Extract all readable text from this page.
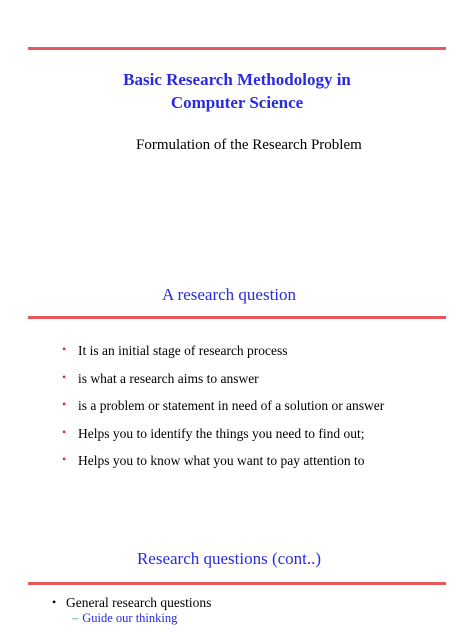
Basic Research Methodology in
Computer Science
Formulation of the Research Problem
A research question
• It is an initial stage of research process
• is what a research aims to answer
• is a problem or statement in need of a solution or answer
• Helps you to identify the things you need to find out;
• Helps you to know what you want to pay attention to
Research questions (cont..)
• General research questions
– Guide our thinking
